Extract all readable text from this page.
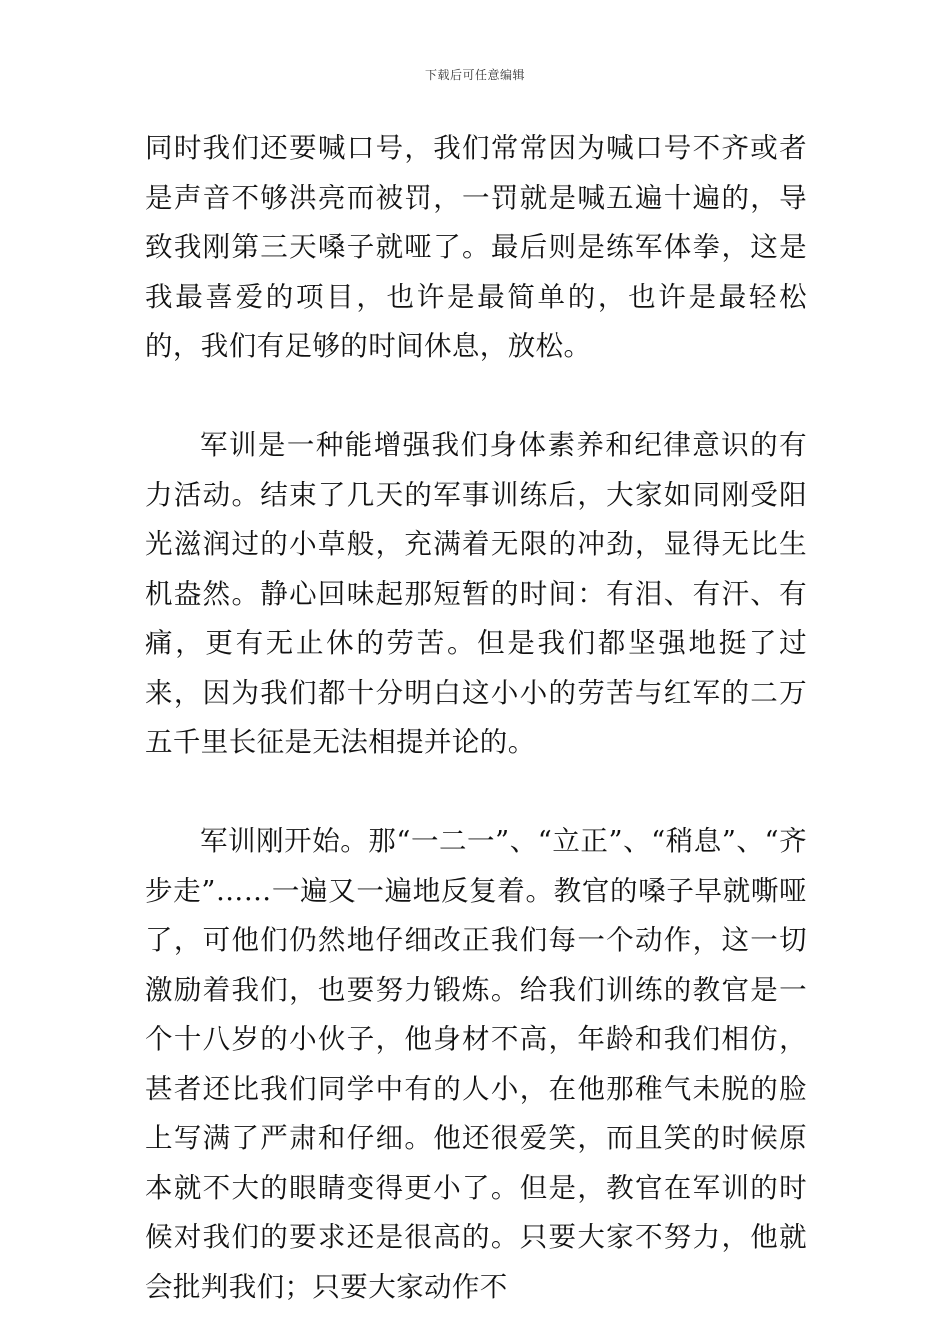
下载后可任意编辑

同时我们还要喊口号，我们常常因为喊口号不齐或者是声音不够洪亮而被罚，一罚就是喊五遍十遍的，导致我刚第三天嗓子就哑了。最后则是练军体拳，这是我最喜爱的项目，也许是最简单的，也许是最轻松的，我们有足够的时间休息，放松。

军训是一种能增强我们身体素养和纪律意识的有力活动。结束了几天的军事训练后，大家如同刚受阳光滋润过的小草般，充满着无限的冲劲，显得无比生机盎然。静心回味起那短暂的时间：有泪、有汗、有痛，更有无止休的劳苦。但是我们都坚强地挺了过来，因为我们都十分明白这小小的劳苦与红军的二万五千里长征是无法相提并论的。

军训刚开始。那“一二一”、“立正”、“稍息”、“齐步走”……一遍又一遍地反复着。教官的嗓子早就嘶哑了，可他们仍然地仔细改正我们每一个动作，这一切激励着我们，也要努力锻炼。给我们训练的教官是一个十八岁的小伙子，他身材不高，年龄和我们相仿，甚者还比我们同学中有的人小，在他那稚气未脱的脸上写满了严肃和仔细。他还很爱笑，而且笑的时候原本就不大的眼睛变得更小了。但是，教官在军训的时候对我们的要求还是很高的。只要大家不努力，他就会批判我们；只要大家动作不
